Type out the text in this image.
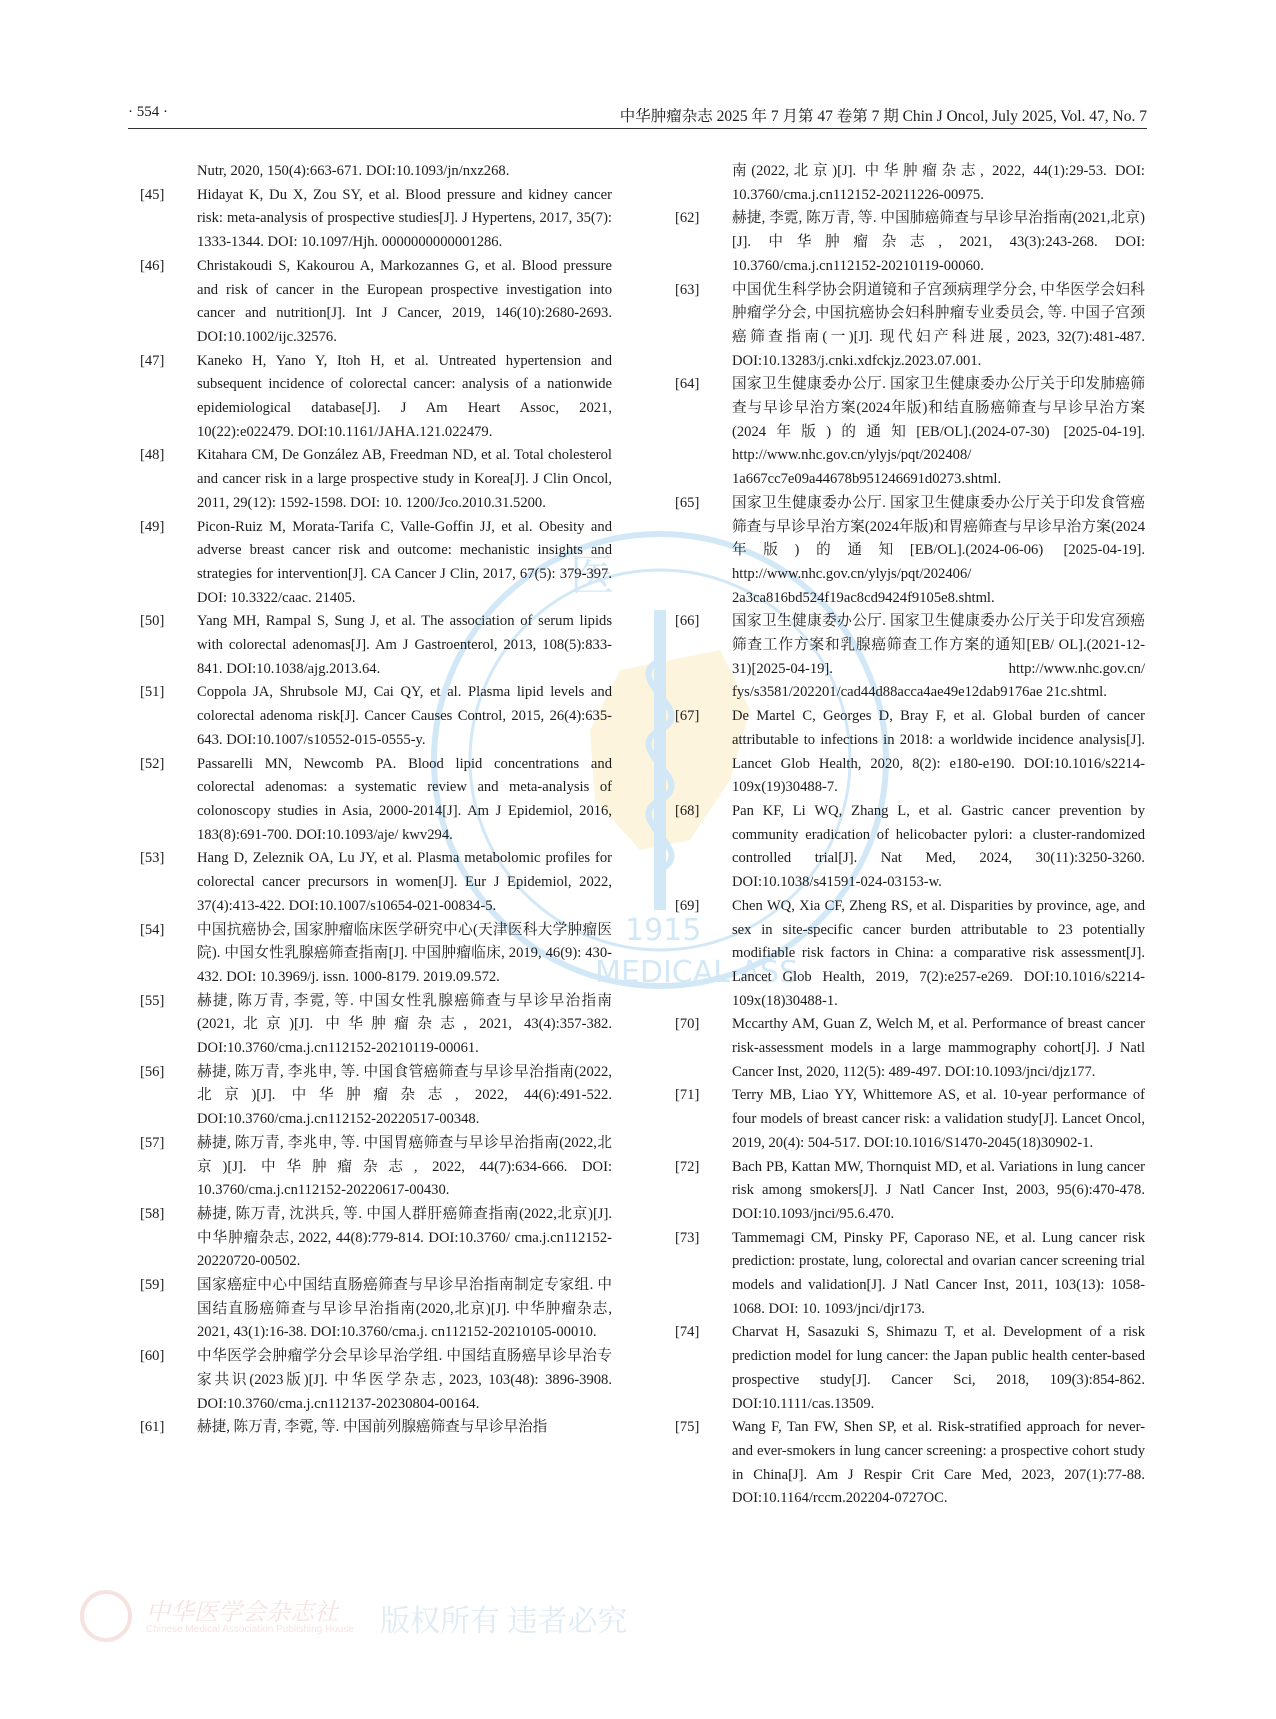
医
1915
MEDICAL ASS
· 554 ·	中华肿瘤杂志 2025 年 7 月第 47 卷第 7 期 Chin J Oncol, July 2025, Vol. 47, No. 7
Nutr, 2020, 150(4):663-671. DOI:10.1093/jn/nxz268.
[45]	Hidayat K, Du X, Zou SY, et al. Blood pressure and kidney cancer risk: meta-analysis of prospective studies[J]. J Hypertens, 2017, 35(7): 1333-1344. DOI: 10.1097/Hjh. 0000000000001286.
[46]	Christakoudi S, Kakourou A, Markozannes G, et al. Blood pressure and risk of cancer in the European prospective investigation into cancer and nutrition[J]. Int J Cancer, 2019, 146(10):2680-2693. DOI:10.1002/ijc.32576.
[47]	Kaneko H, Yano Y, Itoh H, et al. Untreated hypertension and subsequent incidence of colorectal cancer: analysis of a nationwide epidemiological database[J]. J Am Heart Assoc, 2021, 10(22):e022479. DOI:10.1161/JAHA.121.022479.
[48]	Kitahara CM, De González AB, Freedman ND, et al. Total cholesterol and cancer risk in a large prospective study in Korea[J]. J Clin Oncol, 2011, 29(12): 1592-1598. DOI: 10. 1200/Jco.2010.31.5200.
[49]	Picon-Ruiz M, Morata-Tarifa C, Valle-Goffin JJ, et al. Obesity and adverse breast cancer risk and outcome: mechanistic insights and strategies for intervention[J]. CA Cancer J Clin, 2017, 67(5): 379-397. DOI: 10.3322/caac. 21405.
[50]	Yang MH, Rampal S, Sung J, et al. The association of serum lipids with colorectal adenomas[J]. Am J Gastroenterol, 2013, 108(5):833-841. DOI:10.1038/ajg.2013.64.
[51]	Coppola JA, Shrubsole MJ, Cai QY, et al. Plasma lipid levels and colorectal adenoma risk[J]. Cancer Causes Control, 2015, 26(4):635-643. DOI:10.1007/s10552-015-0555-y.
[52]	Passarelli MN, Newcomb PA. Blood lipid concentrations and colorectal adenomas: a systematic review and meta-analysis of colonoscopy studies in Asia, 2000-2014[J]. Am J Epidemiol, 2016, 183(8):691-700. DOI:10.1093/aje/ kwv294.
[53]	Hang D, Zeleznik OA, Lu JY, et al. Plasma metabolomic profiles for colorectal cancer precursors in women[J]. Eur J Epidemiol, 2022, 37(4):413-422. DOI:10.1007/s10654-021-00834-5.
[54]	中国抗癌协会, 国家肿瘤临床医学研究中心(天津医科大学肿瘤医院). 中国女性乳腺癌筛查指南[J]. 中国肿瘤临床, 2019, 46(9): 430-432. DOI: 10.3969/j. issn. 1000-8179. 2019.09.572.
[55]	赫捷, 陈万青, 李霓, 等. 中国女性乳腺癌筛查与早诊早治指南(2021,北京)[J]. 中华肿瘤杂志, 2021, 43(4):357-382. DOI:10.3760/cma.j.cn112152-20210119-00061.
[56]	赫捷, 陈万青, 李兆申, 等. 中国食管癌筛查与早诊早治指南(2022,北京)[J]. 中华肿瘤杂志, 2022, 44(6):491-522. DOI:10.3760/cma.j.cn112152-20220517-00348.
[57]	赫捷, 陈万青, 李兆申, 等. 中国胃癌筛查与早诊早治指南(2022,北京)[J]. 中华肿瘤杂志, 2022, 44(7):634-666. DOI: 10.3760/cma.j.cn112152-20220617-00430.
[58]	赫捷, 陈万青, 沈洪兵, 等. 中国人群肝癌筛查指南(2022,北京)[J]. 中华肿瘤杂志, 2022, 44(8):779-814. DOI:10.3760/ cma.j.cn112152-20220720-00502.
[59]	国家癌症中心中国结直肠癌筛查与早诊早治指南制定专家组. 中国结直肠癌筛查与早诊早治指南(2020,北京)[J]. 中华肿瘤杂志, 2021, 43(1):16-38. DOI:10.3760/cma.j. cn112152-20210105-00010.
[60]	中华医学会肿瘤学分会早诊早治学组. 中国结直肠癌早诊早治专家共识(2023版)[J]. 中华医学杂志, 2023, 103(48): 3896-3908. DOI:10.3760/cma.j.cn112137-20230804-00164.
[61]	赫捷, 陈万青, 李霓, 等. 中国前列腺癌筛查与早诊早治指
南(2022,北京)[J]. 中华肿瘤杂志, 2022, 44(1):29-53. DOI: 10.3760/cma.j.cn112152-20211226-00975.
[62]	赫捷, 李霓, 陈万青, 等. 中国肺癌筛查与早诊早治指南(2021,北京)[J]. 中华肿瘤杂志, 2021, 43(3):243-268. DOI: 10.3760/cma.j.cn112152-20210119-00060.
[63]	中国优生科学协会阴道镜和子宫颈病理学分会, 中华医学会妇科肿瘤学分会, 中国抗癌协会妇科肿瘤专业委员会, 等. 中国子宫颈癌筛查指南(一)[J]. 现代妇产科进展, 2023, 32(7):481-487. DOI:10.13283/j.cnki.xdfckjz.2023.07.001.
[64]	国家卫生健康委办公厅. 国家卫生健康委办公厅关于印发肺癌筛查与早诊早治方案(2024年版)和结直肠癌筛查与早诊早治方案(2024年版)的通知[EB/OL].(2024-07-30) [2025-04-19]. http://www.nhc.gov.cn/ylyjs/pqt/202408/ 1a667cc7e09a44678b951246691d0273.shtml.
[65]	国家卫生健康委办公厅. 国家卫生健康委办公厅关于印发食管癌筛查与早诊早治方案(2024年版)和胃癌筛查与早诊早治方案(2024年版)的通知[EB/OL].(2024-06-06) [2025-04-19]. http://www.nhc.gov.cn/ylyjs/pqt/202406/ 2a3ca816bd524f19ac8cd9424f9105e8.shtml.
[66]	国家卫生健康委办公厅. 国家卫生健康委办公厅关于印发宫颈癌筛查工作方案和乳腺癌筛查工作方案的通知[EB/ OL].(2021-12-31)[2025-04-19]. http://www.nhc.gov.cn/ fys/s3581/202201/cad44d88acca4ae49e12dab9176ae 21c.shtml.
[67]	De Martel C, Georges D, Bray F, et al. Global burden of cancer attributable to infections in 2018: a worldwide incidence analysis[J]. Lancet Glob Health, 2020, 8(2): e180-e190. DOI:10.1016/s2214-109x(19)30488-7.
[68]	Pan KF, Li WQ, Zhang L, et al. Gastric cancer prevention by community eradication of helicobacter pylori: a cluster-randomized controlled trial[J]. Nat Med, 2024, 30(11):3250-3260. DOI:10.1038/s41591-024-03153-w.
[69]	Chen WQ, Xia CF, Zheng RS, et al. Disparities by province, age, and sex in site-specific cancer burden attributable to 23 potentially modifiable risk factors in China: a comparative risk assessment[J]. Lancet Glob Health, 2019, 7(2):e257-e269. DOI:10.1016/s2214-109x(18)30488-1.
[70]	Mccarthy AM, Guan Z, Welch M, et al. Performance of breast cancer risk-assessment models in a large mammography cohort[J]. J Natl Cancer Inst, 2020, 112(5): 489-497. DOI:10.1093/jnci/djz177.
[71]	Terry MB, Liao YY, Whittemore AS, et al. 10-year performance of four models of breast cancer risk: a validation study[J]. Lancet Oncol, 2019, 20(4): 504-517. DOI:10.1016/S1470-2045(18)30902-1.
[72]	Bach PB, Kattan MW, Thornquist MD, et al. Variations in lung cancer risk among smokers[J]. J Natl Cancer Inst, 2003, 95(6):470-478. DOI:10.1093/jnci/95.6.470.
[73]	Tammemagi CM, Pinsky PF, Caporaso NE, et al. Lung cancer risk prediction: prostate, lung, colorectal and ovarian cancer screening trial models and validation[J]. J Natl Cancer Inst, 2011, 103(13): 1058-1068. DOI: 10. 1093/jnci/djr173.
[74]	Charvat H, Sasazuki S, Shimazu T, et al. Development of a risk prediction model for lung cancer: the Japan public health center-based prospective study[J]. Cancer Sci, 2018, 109(3):854-862. DOI:10.1111/cas.13509.
[75]	Wang F, Tan FW, Shen SP, et al. Risk-stratified approach for never- and ever-smokers in lung cancer screening: a prospective cohort study in China[J]. Am J Respir Crit Care Med, 2023, 207(1):77-88. DOI:10.1164/rccm.202204-0727OC.
中华医学会杂志社
Chinese Medical Association Publishing House 版权所有 违者必究
